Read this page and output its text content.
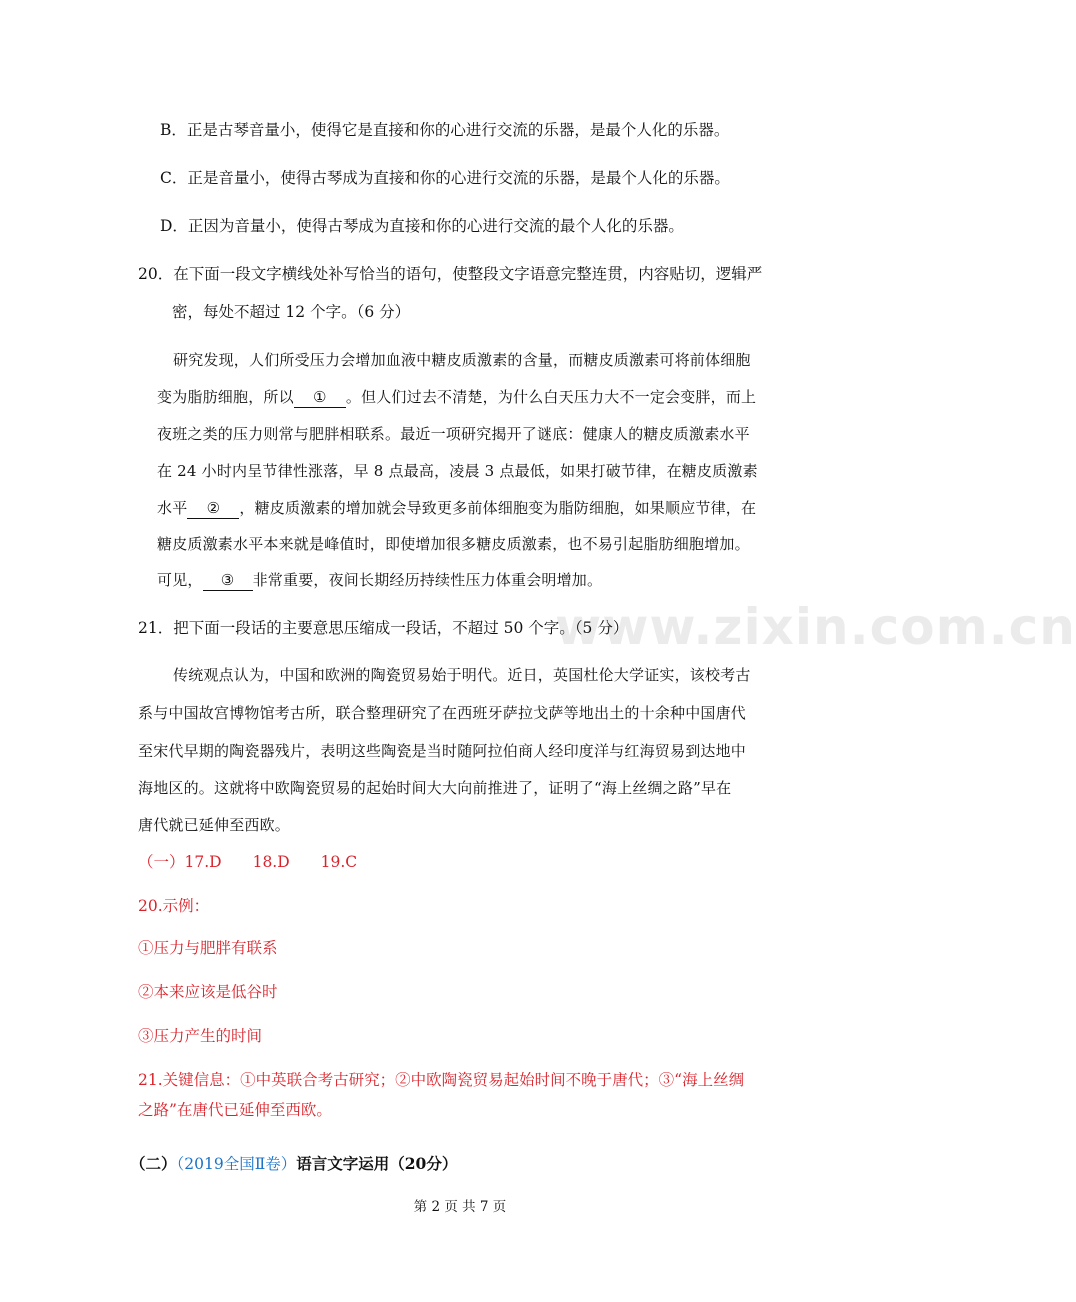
B．正是古琴音量小，使得它是直接和你的心进行交流的乐器，是最个人化的乐器。
C．正是音量小，使得古琴成为直接和你的心进行交流的乐器，是最个人化的乐器。
D．正因为音量小，使得古琴成为直接和你的心进行交流的最个人化的乐器。
20．在下面一段文字横线处补写恰当的语句，使整段文字语意完整连贯，内容贴切，逻辑严
密，每处不超过 12 个字。（6 分）
研究发现，人们所受压力会增加血液中糖皮质激素的含量，而糖皮质激素可将前体细胞
变为脂肪细胞，所以 ① 。但人们过去不清楚，为什么白天压力大不一定会变胖，而上
夜班之类的压力则常与肥胖相联系。最近一项研究揭开了谜底：健康人的糖皮质激素水平
在 24 小时内呈节律性涨落，早 8 点最高，凌晨 3 点最低，如果打破节律，在糖皮质激素
水平 ② ，糖皮质激素的增加就会导致更多前体细胞变为脂防细胞，如果顺应节律，在
糖皮质激素水平本来就是峰值时，即使增加很多糖皮质激素，也不易引起脂肪细胞增加。
可见， ③ 非常重要，夜间长期经历持续性压力体重会明增加。
www.zixin.com.cn
21．把下面一段话的主要意思压缩成一段话，不超过 50 个字。（5 分）
传统观点认为，中国和欧洲的陶瓷贸易始于明代。近日，英国杜伦大学证实，该校考古
系与中国故宫博物馆考古所，联合整理研究了在西班牙萨拉戈萨等地出土的十余种中国唐代
至宋代早期的陶瓷器残片，表明这些陶瓷是当时随阿拉伯商人经印度洋与红海贸易到达地中
海地区的。这就将中欧陶瓷贸易的起始时间大大向前推进了，证明了“海上丝绸之路”早在
唐代就已延伸至西欧。
（一）17.D　　18.D　　19.C
20.示例：
①压力与肥胖有联系
②本来应该是低谷时
③压力产生的时间
21.关键信息：①中英联合考古研究；②中欧陶瓷贸易起始时间不晚于唐代；③“海上丝绸
之路”在唐代已延伸至西欧。
（二）（2019全国Ⅱ卷）语言文字运用（20分）
第 2 页 共 7 页
